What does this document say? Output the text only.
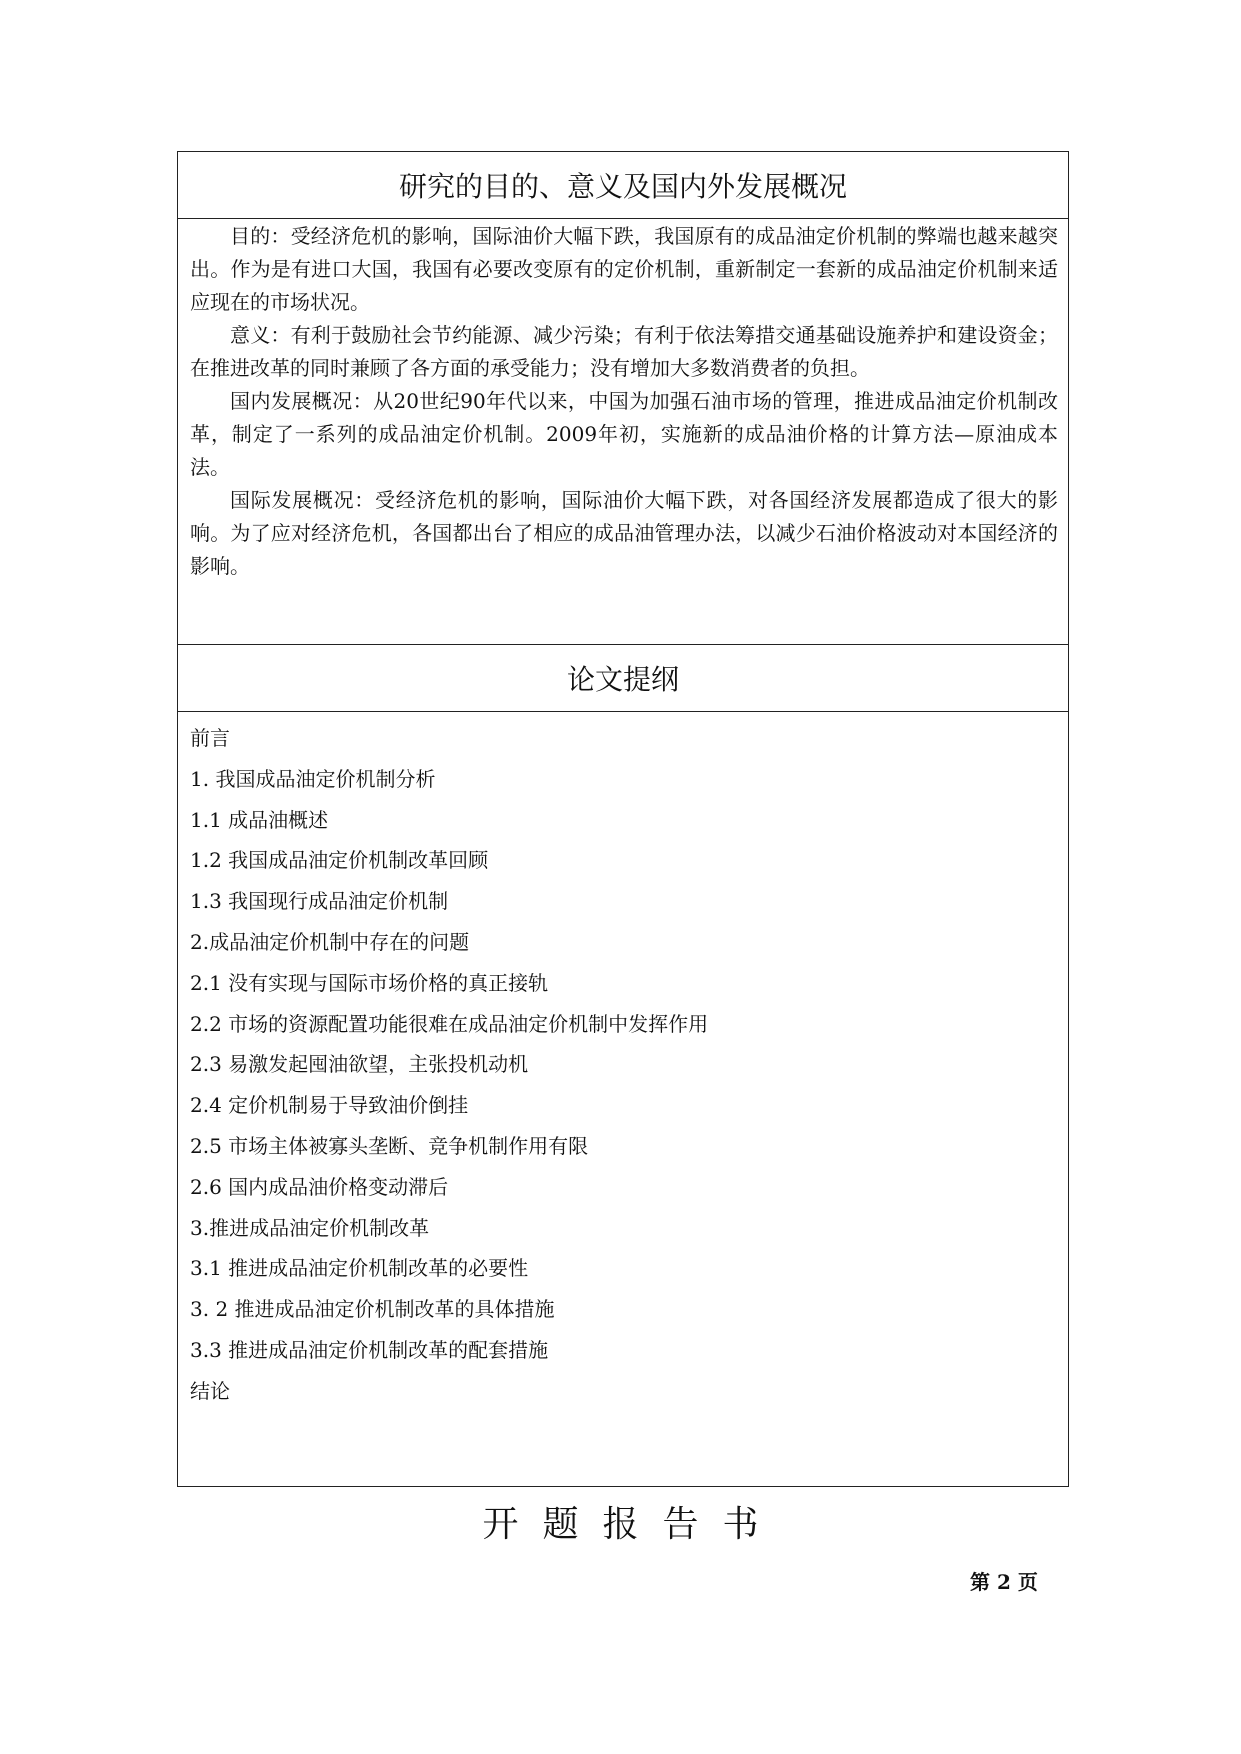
研究的目的、意义及国内外发展概况

目的：受经济危机的影响，国际油价大幅下跌，我国原有的成品油定价机制的弊端也越来越突出。作为是有进口大国，我国有必要改变原有的定价机制，重新制定一套新的成品油定价机制来适应现在的市场状况。

意义：有利于鼓励社会节约能源、减少污染；有利于依法筹措交通基础设施养护和建设资金；在推进改革的同时兼顾了各方面的承受能力；没有增加大多数消费者的负担。

国内发展概况：从20世纪90年代以来，中国为加强石油市场的管理，推进成品油定价机制改革，制定了一系列的成品油定价机制。2009年初，实施新的成品油价格的计算方法—原油成本法。

国际发展概况：受经济危机的影响，国际油价大幅下跌，对各国经济发展都造成了很大的影响。为了应对经济危机，各国都出台了相应的成品油管理办法，以减少石油价格波动对本国经济的影响。

论文提纲
前言
1. 我国成品油定价机制分析
1.1 成品油概述
1.2 我国成品油定价机制改革回顾
1.3 我国现行成品油定价机制
2.成品油定价机制中存在的问题
2.1 没有实现与国际市场价格的真正接轨
2.2 市场的资源配置功能很难在成品油定价机制中发挥作用
2.3 易激发起囤油欲望，主张投机动机
2.4 定价机制易于导致油价倒挂
2.5 市场主体被寡头垄断、竞争机制作用有限
2.6 国内成品油价格变动滞后
3.推进成品油定价机制改革
3.1 推进成品油定价机制改革的必要性
3. 2 推进成品油定价机制改革的具体措施
3.3 推进成品油定价机制改革的配套措施
结论
开题报告书
第 2 页
